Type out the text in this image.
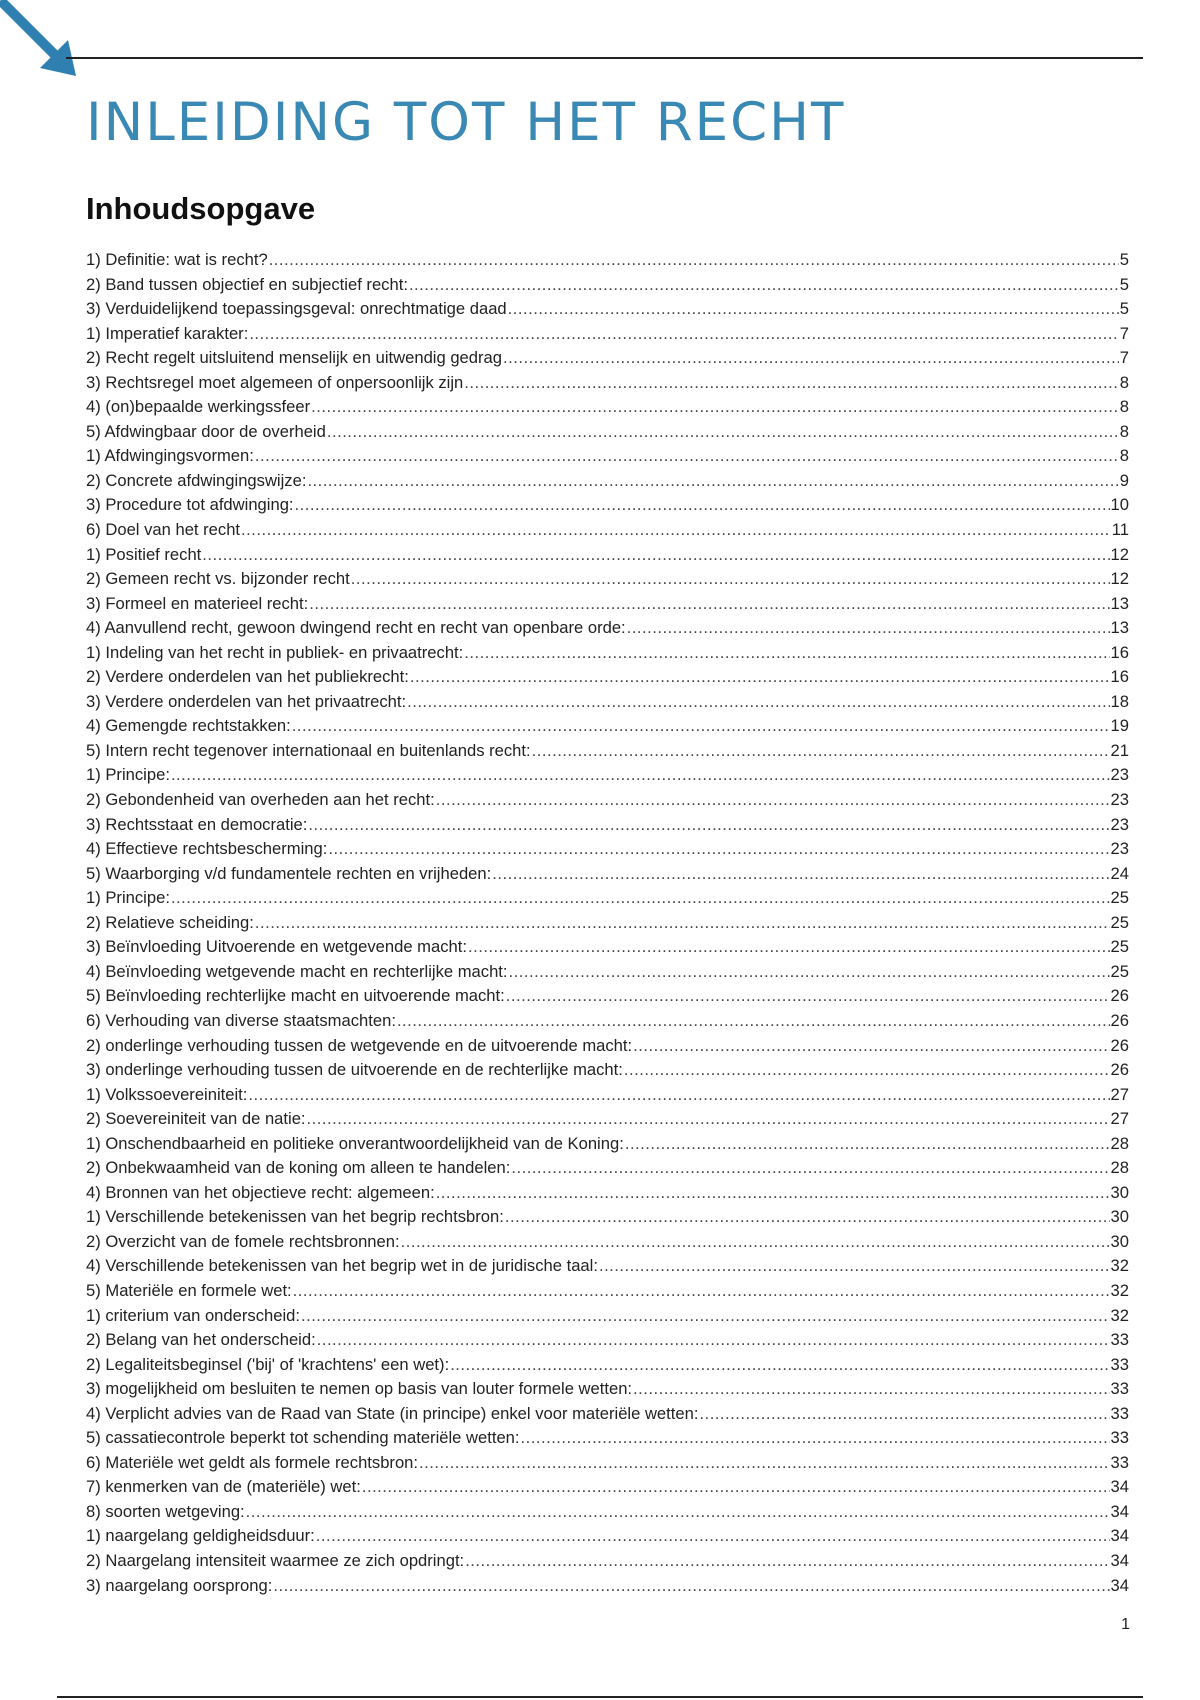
INLEIDING TOT HET RECHT
Inhoudsopgave
1) Definitie: wat is recht? .....	5
2) Band tussen objectief en subjectief recht: .....	5
3) Verduidelijkend toepassingsgeval: onrechtmatige daad .....	5
1) Imperatief karakter: .....	7
2) Recht regelt uitsluitend menselijk en uitwendig gedrag .....	7
3) Rechtsregel moet algemeen of onpersoonlijk zijn .....	8
4) (on)bepaalde werkingssfeer .....	8
5) Afdwingbaar door de overheid .....	8
1) Afdwingingsvormen: .....	8
2) Concrete afdwingingswijze: .....	9
3) Procedure tot afdwinging: .....	10
6) Doel van het recht .....	11
1) Positief recht .....	12
2) Gemeen recht vs. bijzonder recht .....	12
3) Formeel en materieel recht: .....	13
4) Aanvullend recht, gewoon dwingend recht en recht van openbare orde: .....	13
1) Indeling van het recht in publiek- en privaatrecht: .....	16
2) Verdere onderdelen van het publiekrecht: .....	16
3) Verdere onderdelen van het privaatrecht: .....	18
4) Gemengde rechtstakken: .....	19
5) Intern recht tegenover internationaal en buitenlands recht: .....	21
1) Principe: .....	23
2) Gebondenheid van overheden aan het recht: .....	23
3) Rechtsstaat en democratie: .....	23
4) Effectieve rechtsbescherming: .....	23
5) Waarborging v/d fundamentele rechten en vrijheden: .....	24
1) Principe: .....	25
2) Relatieve scheiding: .....	25
3) Beïnvloeding Uitvoerende en wetgevende macht: .....	25
4) Beïnvloeding wetgevende macht en rechterlijke macht: .....	25
5) Beïnvloeding rechterlijke macht en uitvoerende macht: .....	26
6) Verhouding van diverse staatsmachten: .....	26
2) onderlinge verhouding tussen de wetgevende en de uitvoerende macht: .....	26
3) onderlinge verhouding tussen de uitvoerende en de rechterlijke macht: .....	26
1) Volkssoevereiniteit: .....	27
2) Soevereiniteit van de natie: .....	27
1) Onschendbaarheid en politieke onverantwoordelijkheid van de Koning: .....	28
2) Onbekwaamheid van de koning om alleen te handelen: .....	28
4) Bronnen van het objectieve recht: algemeen: .....	30
1) Verschillende betekenissen van het begrip rechtsbron: .....	30
2) Overzicht van de fomele rechtsbronnen: .....	30
4) Verschillende betekenissen van het begrip wet in de juridische taal: .....	32
5) Materiële en formele wet: .....	32
1) criterium van onderscheid: .....	32
2) Belang van het onderscheid: .....	33
2) Legaliteitsbeginsel ('bij' of 'krachtens' een wet): .....	33
3) mogelijkheid om besluiten te nemen op basis van louter formele wetten: .....	33
4) Verplicht advies van de Raad van State (in principe) enkel voor materiële wetten: .....	33
5) cassatiecontrole beperkt tot schending materiële wetten: .....	33
6) Materiële wet geldt als formele rechtsbron: .....	33
7) kenmerken van de (materiële) wet: .....	34
8) soorten wetgeving: .....	34
1) naargelang geldigheidsduur: .....	34
2) Naargelang intensiteit waarmee ze zich opdringt: .....	34
3) naargelang oorsprong: .....	34
1
